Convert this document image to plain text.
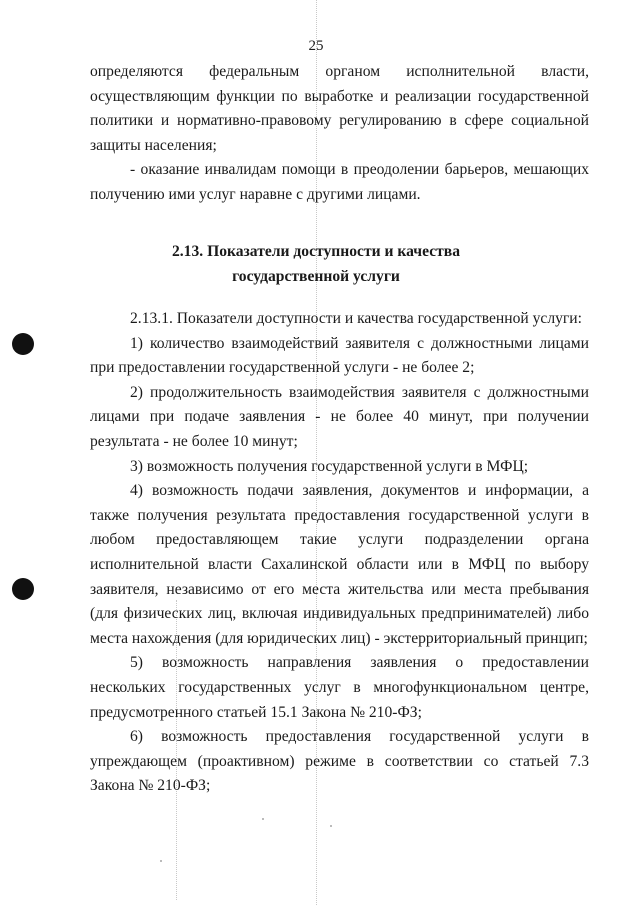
25

определяются федеральным органом исполнительной власти, осуществляющим функции по выработке и реализации государственной политики и нормативно-правовому регулированию в сфере социальной защиты населения;

- оказание инвалидам помощи в преодолении барьеров, мешающих получению ими услуг наравне с другими лицами.

2.13. Показатели доступности и качества
государственной услуги

2.13.1. Показатели доступности и качества государственной услуги:

1) количество взаимодействий заявителя с должностными лицами при предоставлении государственной услуги - не более 2;

2) продолжительность взаимодействия заявителя с должностными лицами при подаче заявления - не более 40 минут, при получении результата - не более 10 минут;

3) возможность получения государственной услуги в МФЦ;

4) возможность подачи заявления, документов и информации, а также получения результата предоставления государственной услуги в любом предоставляющем такие услуги подразделении органа исполнительной власти Сахалинской области или в МФЦ по выбору заявителя, независимо от его места жительства или места пребывания (для физических лиц, включая индивидуальных предпринимателей) либо места нахождения (для юридических лиц) - экстерриториальный принцип;

5) возможность направления заявления о предоставлении нескольких государственных услуг в многофункциональном центре, предусмотренного статьей 15.1 Закона № 210-ФЗ;

6) возможность предоставления государственной услуги в упреждающем (проактивном) режиме в соответствии со статьей 7.3 Закона № 210-ФЗ;
